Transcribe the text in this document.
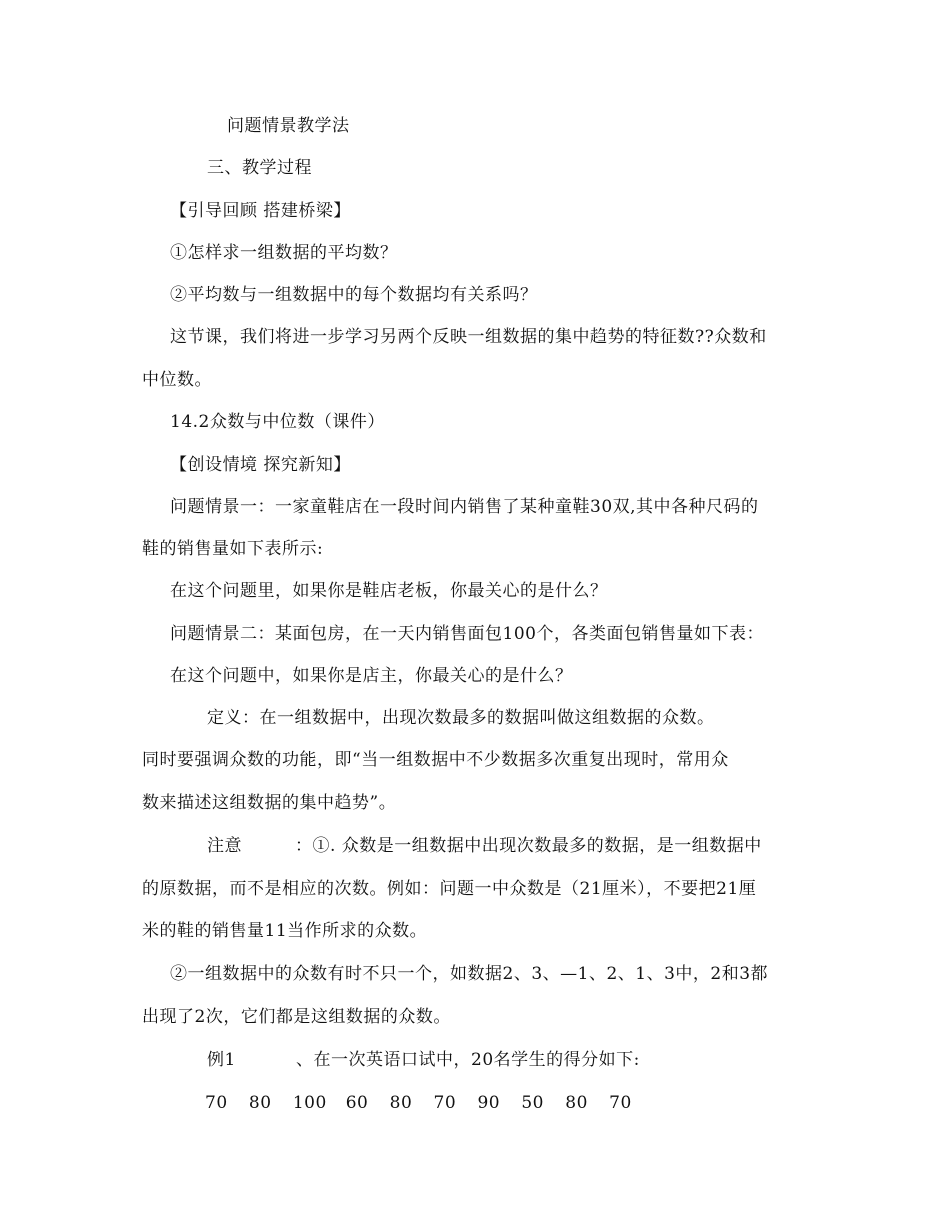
问题情景教学法
三、教学过程
【引导回顾 搭建桥梁】
①怎样求一组数据的平均数？
②平均数与一组数据中的每个数据均有关系吗？
这节课，我们将进一步学习另两个反映一组数据的集中趋势的特征数??众数和
中位数。
14.2众数与中位数（课件）
【创设情境 探究新知】
问题情景一：一家童鞋店在一段时间内销售了某种童鞋30双,其中各种尺码的
鞋的销售量如下表所示:
在这个问题里，如果你是鞋店老板，你最关心的是什么？
问题情景二：某面包房，在一天内销售面包100个，各类面包销售量如下表：
在这个问题中，如果你是店主，你最关心的是什么？
定义：在一组数据中，出现次数最多的数据叫做这组数据的众数。
同时要强调众数的功能，即“当一组数据中不少数据多次重复出现时，常用众
数来描述这组数据的集中趋势”。
注意	：①. 众数是一组数据中出现次数最多的数据，是一组数据中
的原数据，而不是相应的次数。例如：问题一中众数是（21厘米），不要把21厘
米的鞋的销售量11当作所求的众数。
②一组数据中的众数有时不只一个，如数据2、3、—1、2、1、3中，2和3都
出现了2次，它们都是这组数据的众数。
例1	、在一次英语口试中，20名学生的得分如下:
70 80 100 60 80 70 90 50 80 70
